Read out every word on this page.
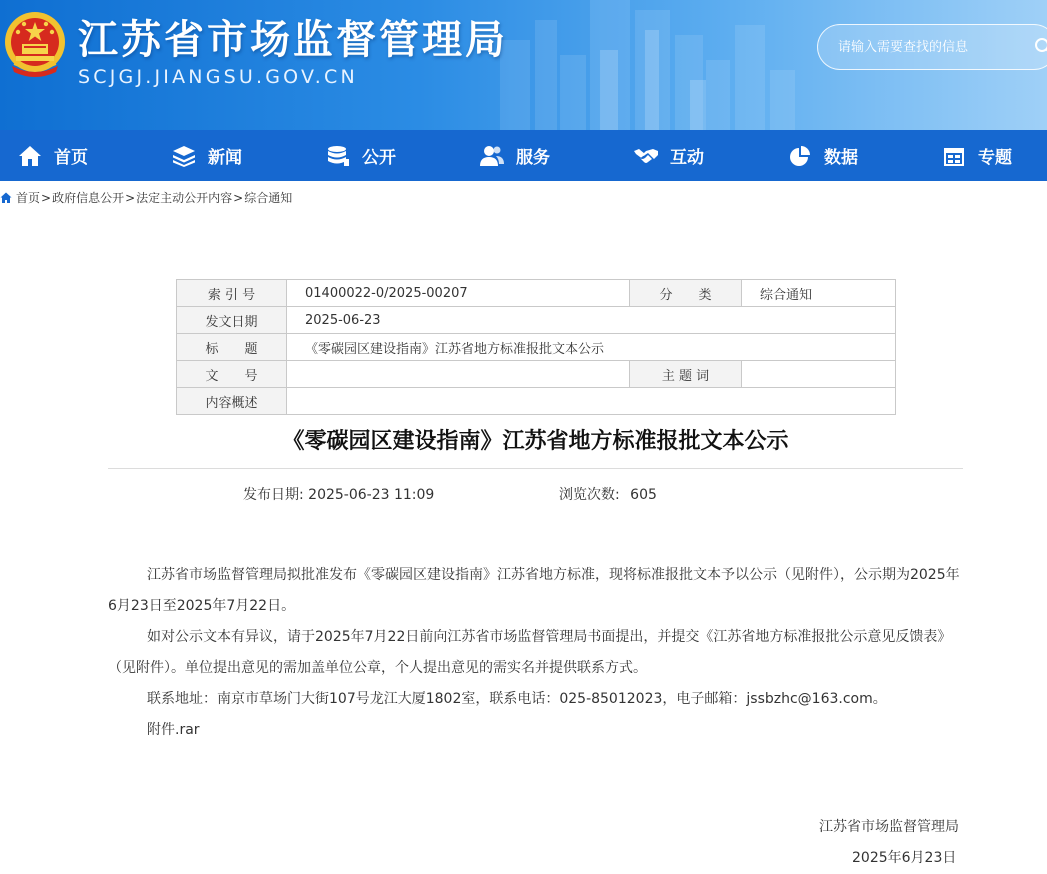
江苏省市场监督管理局
SCJGJ.JIANGSU.GOV.CN
请输入需要查找的信息
首页	新闻	公开	服务	互动	数据	专题
首页 > 政府信息公开 > 法定主动公开内容 > 综合通知
索 引 号	01400022-0/2025-00207	分　　类	综合通知
发文日期	2025-06-23		
标　　题	《零碳园区建设指南》江苏省地方标准报批文本公示		
文　　号		主 题 词	
内容概述			
《零碳园区建设指南》江苏省地方标准报批文本公示
发布日期: 2025-06-23 11:09	浏览次数: 605

江苏省市场监督管理局拟批准发布《零碳园区建设指南》江苏省地方标准，现将标准报批文本予以公示（见附件），公示期为2025年6月23日至2025年7月22日。

如对公示文本有异议，请于2025年7月22日前向江苏省市场监督管理局书面提出，并提交《江苏省地方标准报批公示意见反馈表》（见附件）。单位提出意见的需加盖单位公章，个人提出意见的需实名并提供联系方式。

联系地址：南京市草场门大街107号龙江大厦1802室，联系电话：025-85012023，电子邮箱：jssbzhc@163.com。

附件.rar

江苏省市场监督管理局
2025年6月23日
